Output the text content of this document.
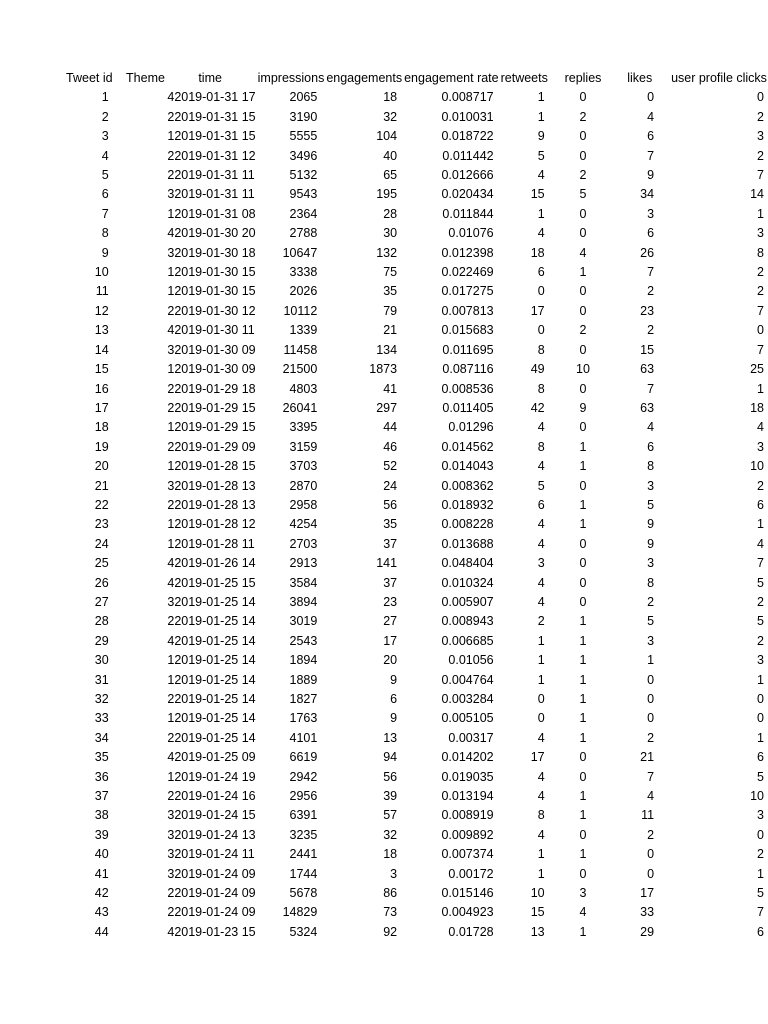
Tweet id	Theme	time	impressions	engagements	engagement rate	retweets	replies	likes	user profile clicks
1	4	2019-01-31 17	2065	18	0.008717	1	0	0	0
2	2	2019-01-31 15	3190	32	0.010031	1	2	4	2
3	1	2019-01-31 15	5555	104	0.018722	9	0	6	3
4	2	2019-01-31 12	3496	40	0.011442	5	0	7	2
5	2	2019-01-31 11	5132	65	0.012666	4	2	9	7
6	3	2019-01-31 11	9543	195	0.020434	15	5	34	14
7	1	2019-01-31 08	2364	28	0.011844	1	0	3	1
8	4	2019-01-30 20	2788	30	0.01076	4	0	6	3
9	3	2019-01-30 18	10647	132	0.012398	18	4	26	8
10	1	2019-01-30 15	3338	75	0.022469	6	1	7	2
11	1	2019-01-30 15	2026	35	0.017275	0	0	2	2
12	2	2019-01-30 12	10112	79	0.007813	17	0	23	7
13	4	2019-01-30 11	1339	21	0.015683	0	2	2	0
14	3	2019-01-30 09	11458	134	0.011695	8	0	15	7
15	1	2019-01-30 09	21500	1873	0.087116	49	10	63	25
16	2	2019-01-29 18	4803	41	0.008536	8	0	7	1
17	2	2019-01-29 15	26041	297	0.011405	42	9	63	18
18	1	2019-01-29 15	3395	44	0.01296	4	0	4	4
19	2	2019-01-29 09	3159	46	0.014562	8	1	6	3
20	1	2019-01-28 15	3703	52	0.014043	4	1	8	10
21	3	2019-01-28 13	2870	24	0.008362	5	0	3	2
22	2	2019-01-28 13	2958	56	0.018932	6	1	5	6
23	1	2019-01-28 12	4254	35	0.008228	4	1	9	1
24	1	2019-01-28 11	2703	37	0.013688	4	0	9	4
25	4	2019-01-26 14	2913	141	0.048404	3	0	3	7
26	4	2019-01-25 15	3584	37	0.010324	4	0	8	5
27	3	2019-01-25 14	3894	23	0.005907	4	0	2	2
28	2	2019-01-25 14	3019	27	0.008943	2	1	5	5
29	4	2019-01-25 14	2543	17	0.006685	1	1	3	2
30	1	2019-01-25 14	1894	20	0.01056	1	1	1	3
31	1	2019-01-25 14	1889	9	0.004764	1	1	0	1
32	2	2019-01-25 14	1827	6	0.003284	0	1	0	0
33	1	2019-01-25 14	1763	9	0.005105	0	1	0	0
34	2	2019-01-25 14	4101	13	0.00317	4	1	2	1
35	4	2019-01-25 09	6619	94	0.014202	17	0	21	6
36	1	2019-01-24 19	2942	56	0.019035	4	0	7	5
37	2	2019-01-24 16	2956	39	0.013194	4	1	4	10
38	3	2019-01-24 15	6391	57	0.008919	8	1	11	3
39	3	2019-01-24 13	3235	32	0.009892	4	0	2	0
40	3	2019-01-24 11	2441	18	0.007374	1	1	0	2
41	3	2019-01-24 09	1744	3	0.00172	1	0	0	1
42	2	2019-01-24 09	5678	86	0.015146	10	3	17	5
43	2	2019-01-24 09	14829	73	0.004923	15	4	33	7
44	4	2019-01-23 15	5324	92	0.01728	13	1	29	6
